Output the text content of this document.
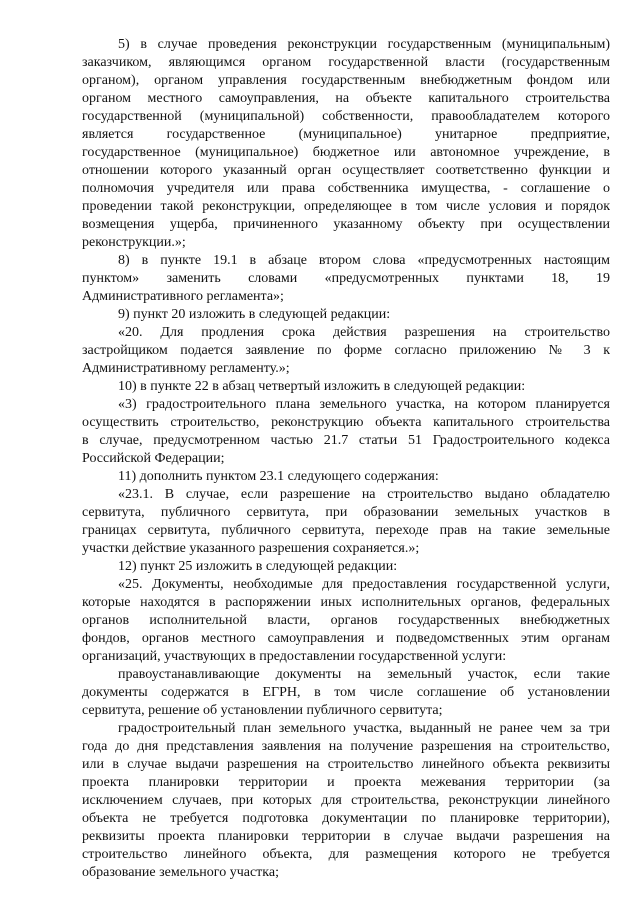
5) в случае проведения реконструкции государственным (муниципальным)
заказчиком, являющимся органом государственной власти (государственным
органом), органом управления государственным внебюджетным фондом или
органом местного самоуправления, на объекте капитального строительства
государственной (муниципальной) собственности, правообладателем которого
является государственное (муниципальное) унитарное предприятие,
государственное (муниципальное) бюджетное или автономное учреждение, в
отношении которого указанный орган осуществляет соответственно функции и
полномочия учредителя или права собственника имущества, - соглашение о
проведении такой реконструкции, определяющее в том числе условия и порядок
возмещения ущерба, причиненного указанному объекту при осуществлении
реконструкции.»;
8) в пункте 19.1 в абзаце втором слова «предусмотренных настоящим
пунктом» заменить словами «предусмотренных пунктами 18, 19
Административного регламента»;
9) пункт 20 изложить в следующей редакции:
«20. Для продления срока действия разрешения на строительство
застройщиком подается заявление по форме согласно приложению № 3 к
Административному регламенту.»;
10) в пункте 22 в абзац четвертый изложить в следующей редакции:
«3) градостроительного плана земельного участка, на котором планируется
осуществить строительство, реконструкцию объекта капитального строительства
в случае, предусмотренном частью 21.7 статьи 51 Градостроительного кодекса
Российской Федерации;
11) дополнить пунктом 23.1 следующего содержания:
«23.1. В случае, если разрешение на строительство выдано обладателю
сервитута, публичного сервитута, при образовании земельных участков в
границах сервитута, публичного сервитута, переходе прав на такие земельные
участки действие указанного разрешения сохраняется.»;
12) пункт 25 изложить в следующей редакции:
«25. Документы, необходимые для предоставления государственной услуги,
которые находятся в распоряжении иных исполнительных органов, федеральных
органов исполнительной власти, органов государственных внебюджетных
фондов, органов местного самоуправления и подведомственных этим органам
организаций, участвующих в предоставлении государственной услуги:
правоустанавливающие документы на земельный участок, если такие
документы содержатся в ЕГРН, в том числе соглашение об установлении
сервитута, решение об установлении публичного сервитута;
градостроительный план земельного участка, выданный не ранее чем за три
года до дня представления заявления на получение разрешения на строительство,
или в случае выдачи разрешения на строительство линейного объекта реквизиты
проекта планировки территории и проекта межевания территории (за
исключением случаев, при которых для строительства, реконструкции линейного
объекта не требуется подготовка документации по планировке территории),
реквизиты проекта планировки территории в случае выдачи разрешения на
строительство линейного объекта, для размещения которого не требуется
образование земельного участка;
